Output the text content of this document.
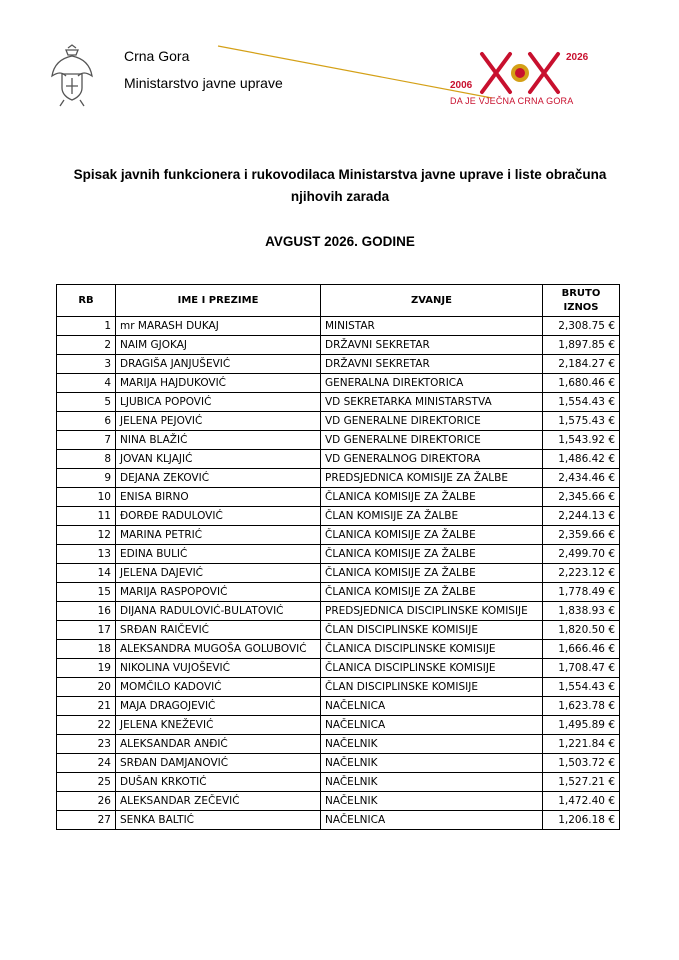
Crna Gora
Ministarstvo javne uprave
2026
2006
DA JE VJEČNA CRNA GORA
Spisak javnih funkcionera i rukovodilaca Ministarstva javne uprave i liste obračuna njihovih zarada
AVGUST 2026. GODINE
RB	IME I PREZIME	ZVANJE	BRUTO IZNOS
1	mr MARASH DUKAJ	MINISTAR	2,308.75 €
2	NAIM GJOKAJ	DRŽAVNI SEKRETAR	1,897.85 €
3	DRAGIŠA JANJUŠEVIĆ	DRŽAVNI SEKRETAR	2,184.27 €
4	MARIJA HAJDUKOVIĆ	GENERALNA DIREKTORICA	1,680.46 €
5	LJUBICA POPOVIĆ	VD SEKRETARKA MINISTARSTVA	1,554.43 €
6	JELENA PEJOVIĆ	VD GENERALNE DIREKTORICE	1,575.43 €
7	NINA BLAŽIĆ	VD GENERALNE DIREKTORICE	1,543.92 €
8	JOVAN KLJAJIĆ	VD GENERALNOG DIREKTORA	1,486.42 €
9	DEJANA ZEKOVIĆ	PREDSJEDNICA KOMISIJE ZA ŽALBE	2,434.46 €
10	ENISA BIRNO	ČLANICA KOMISIJE ZA ŽALBE	2,345.66 €
11	ĐORĐE RADULOVIĆ	ČLAN KOMISIJE ZA ŽALBE	2,244.13 €
12	MARINA PETRIĆ	ČLANICA KOMISIJE ZA ŽALBE	2,359.66 €
13	EDINA BULIĆ	ČLANICA KOMISIJE ZA ŽALBE	2,499.70 €
14	JELENA DAJEVIĆ	ČLANICA KOMISIJE ZA ŽALBE	2,223.12 €
15	MARIJA RASPOPOVIĆ	ČLANICA KOMISIJE ZA ŽALBE	1,778.49 €
16	DIJANA RADULOVIĆ-BULATOVIĆ	PREDSJEDNICA DISCIPLINSKE KOMISIJE	1,838.93 €
17	SRĐAN RAIČEVIĆ	ČLAN DISCIPLINSKE KOMISIJE	1,820.50 €
18	ALEKSANDRA MUGOŠA GOLUBOVIĆ	ČLANICA DISCIPLINSKE KOMISIJE	1,666.46 €
19	NIKOLINA VUJOŠEVIĆ	ČLANICA DISCIPLINSKE KOMISIJE	1,708.47 €
20	MOMČILO KADOVIĆ	ČLAN DISCIPLINSKE KOMISIJE	1,554.43 €
21	MAJA DRAGOJEVIĆ	NAČELNICA	1,623.78 €
22	JELENA KNEŽEVIĆ	NAČELNICA	1,495.89 €
23	ALEKSANDAR ANĐIĆ	NAČELNIK	1,221.84 €
24	SRĐAN DAMJANOVIĆ	NAČELNIK	1,503.72 €
25	DUŠAN KRKOTIĆ	NAČELNIK	1,527.21 €
26	ALEKSANDAR ZEČEVIĆ	NAČELNIK	1,472.40 €
27	SENKA BALTIĆ	NAČELNICA	1,206.18 €
